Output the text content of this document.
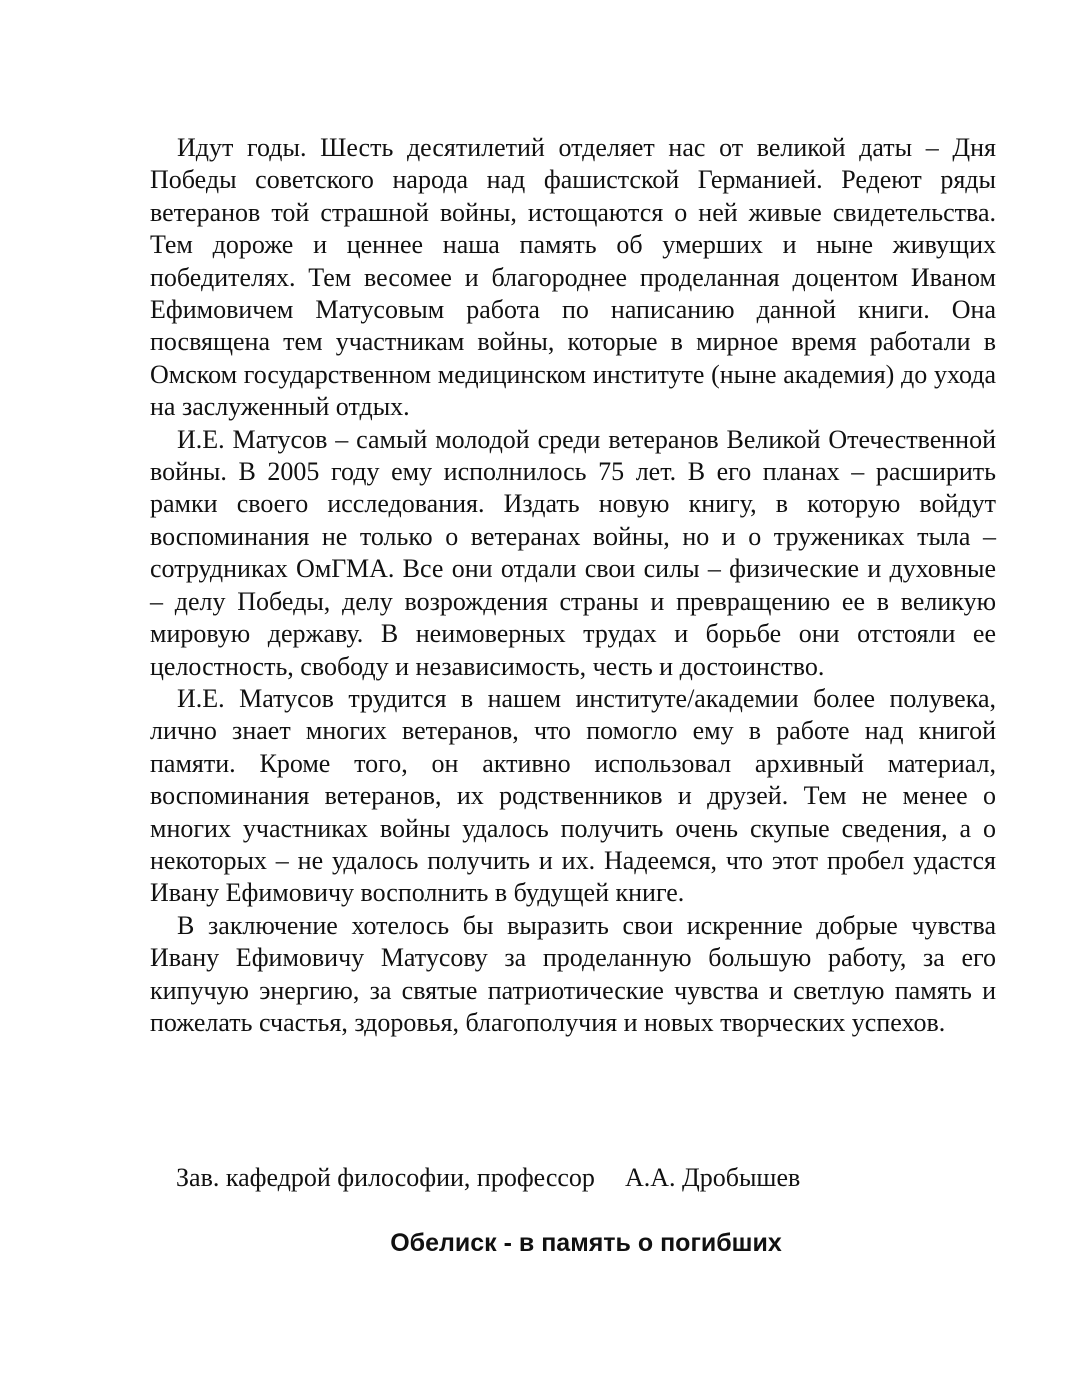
Идут годы. Шесть десятилетий отделяет нас от великой даты – Дня Победы советского народа над фашистской Германией. Редеют ряды ветеранов той страшной войны, истощаются о ней живые свидетельства. Тем дороже и ценнее наша память об умерших и ныне живущих победителях. Тем весомее и благороднее проделанная доцентом Иваном Ефимовичем Матусовым работа по написанию данной книги. Она посвящена тем участникам войны, которые в мирное время работали в Омском государственном медицинском институте (ныне академия) до ухода на заслуженный отдых.

И.Е. Матусов – самый молодой среди ветеранов Великой Отечественной войны. В 2005 году ему исполнилось 75 лет. В его планах – расширить рамки своего исследования. Издать новую книгу, в которую войдут воспоминания не только о ветеранах войны, но и о тружениках тыла – сотрудниках ОмГМА. Все они отдали свои силы – физические и духовные – делу Победы, делу возрождения страны и превращению ее в великую мировую державу. В неимоверных трудах и борьбе они отстояли ее целостность, свободу и независимость, честь и достоинство.

И.Е. Матусов трудится в нашем институте/академии более полувека, лично знает многих ветеранов, что помогло ему в работе над книгой памяти. Кроме того, он активно использовал архивный материал, воспоминания ветеранов, их родственников и друзей. Тем не менее о многих участниках войны удалось получить очень скупые сведения, а о некоторых – не удалось получить и их. Надеемся, что этот пробел удастся Ивану Ефимовичу восполнить в будущей книге.

В заключение хотелось бы выразить свои искренние добрые чувства Ивану Ефимовичу Матусову за проделанную большую работу, за его кипучую энергию, за святые патриотические чувства и светлую память и пожелать счастья, здоровья, благополучия и новых творческих успехов.

Зав. кафедрой философии, профессор А.А. Дробышев
Обелиск - в память о погибших
